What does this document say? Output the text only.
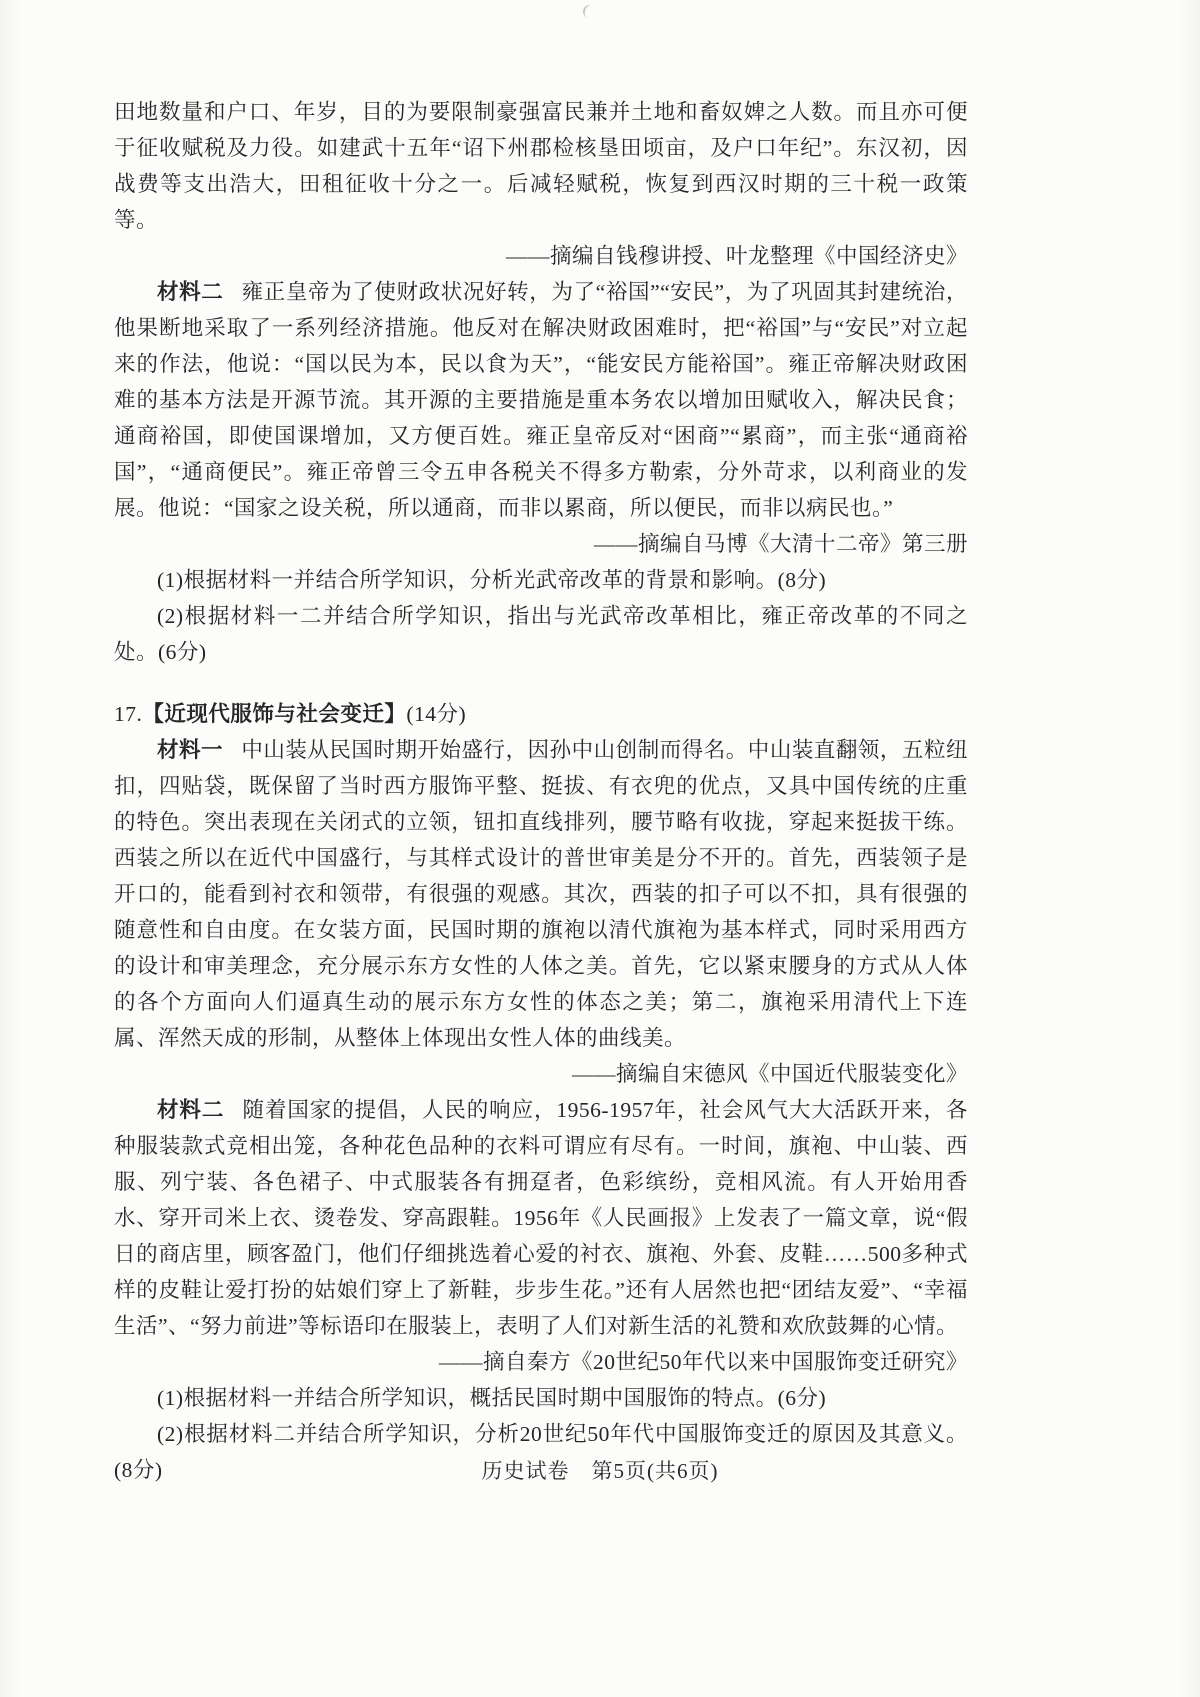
田地数量和户口、年岁，目的为要限制豪强富民兼并土地和畜奴婢之人数。而且亦可便于征收赋税及力役。如建武十五年“诏下州郡检核垦田顷亩，及户口年纪”。东汉初，因战费等支出浩大，田租征收十分之一。后减轻赋税，恢复到西汉时期的三十税一政策等。

——摘编自钱穆讲授、叶龙整理《中国经济史》

材料二 雍正皇帝为了使财政状况好转，为了“裕国”“安民”，为了巩固其封建统治，他果断地采取了一系列经济措施。他反对在解决财政困难时，把“裕国”与“安民”对立起来的作法，他说：“国以民为本，民以食为天”，“能安民方能裕国”。雍正帝解决财政困难的基本方法是开源节流。其开源的主要措施是重本务农以增加田赋收入，解决民食；通商裕国，即使国课增加，又方便百姓。雍正皇帝反对“困商”“累商”，而主张“通商裕国”，“通商便民”。雍正帝曾三令五申各税关不得多方勒索，分外苛求，以利商业的发展。他说：“国家之设关税，所以通商，而非以累商，所以便民，而非以病民也。”

——摘编自马博《大清十二帝》第三册

(1)根据材料一并结合所学知识，分析光武帝改革的背景和影响。(8分)

(2)根据材料一二并结合所学知识，指出与光武帝改革相比，雍正帝改革的不同之处。(6分)

17.【近现代服饰与社会变迁】(14分)

材料一 中山装从民国时期开始盛行，因孙中山创制而得名。中山装直翻领，五粒纽扣，四贴袋，既保留了当时西方服饰平整、挺拔、有衣兜的优点，又具中国传统的庄重的特色。突出表现在关闭式的立领，钮扣直线排列，腰节略有收拢，穿起来挺拔干练。西装之所以在近代中国盛行，与其样式设计的普世审美是分不开的。首先，西装领子是开口的，能看到衬衣和领带，有很强的观感。其次，西装的扣子可以不扣，具有很强的随意性和自由度。在女装方面，民国时期的旗袍以清代旗袍为基本样式，同时采用西方的设计和审美理念，充分展示东方女性的人体之美。首先，它以紧束腰身的方式从人体的各个方面向人们逼真生动的展示东方女性的体态之美；第二，旗袍采用清代上下连属、浑然天成的形制，从整体上体现出女性人体的曲线美。

——摘编自宋德风《中国近代服装变化》

材料二 随着国家的提倡，人民的响应，1956-1957年，社会风气大大活跃开来，各种服装款式竞相出笼，各种花色品种的衣料可谓应有尽有。一时间，旗袍、中山装、西服、列宁装、各色裙子、中式服装各有拥趸者，色彩缤纷，竞相风流。有人开始用香水、穿开司米上衣、烫卷发、穿高跟鞋。1956年《人民画报》上发表了一篇文章，说“假日的商店里，顾客盈门，他们仔细挑选着心爱的衬衣、旗袍、外套、皮鞋……500多种式样的皮鞋让爱打扮的姑娘们穿上了新鞋，步步生花。”还有人居然也把“团结友爱”、“幸福生活”、“努力前进”等标语印在服装上，表明了人们对新生活的礼赞和欢欣鼓舞的心情。

——摘自秦方《20世纪50年代以来中国服饰变迁研究》

(1)根据材料一并结合所学知识，概括民国时期中国服饰的特点。(6分)

(2)根据材料二并结合所学知识，分析20世纪50年代中国服饰变迁的原因及其意义。(8分)	历史试卷　第5页(共6页)
